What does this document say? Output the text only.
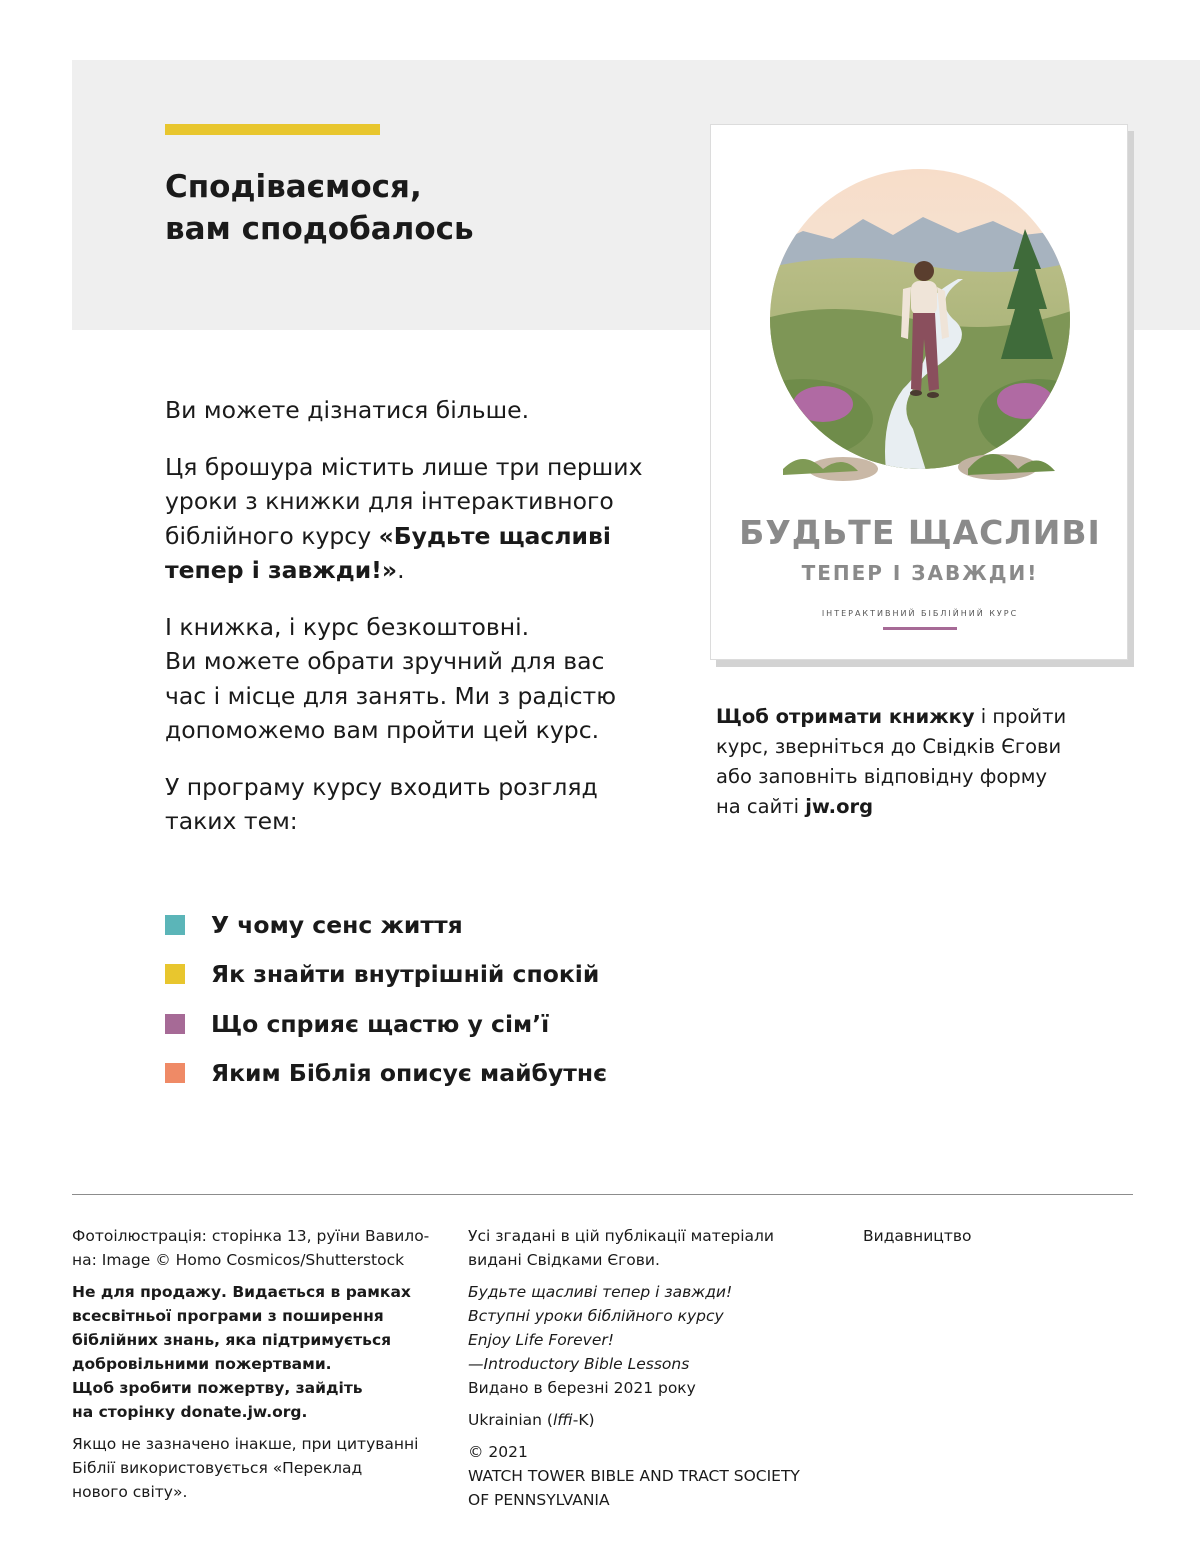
Сподіваємося,
вам сподобалось

Ви можете дізнатися більше.

Ця брошура містить лише три перших
уроки з книжки для інтерактивного
біблійного курсу «Будьте щасливі
тепер і завжди!».

І книжка, і курс безкоштовні.
Ви можете обрати зручний для вас
час і місце для занять. Ми з радістю
допоможемо вам пройти цей курс.

У програму курсу входить розгляд
таких тем:

У чому сенс життя
Як знайти внутрішній спокій
Що сприяє щастю у сім’ї
Яким Біблія описує майбутнє
БУДЬТЕ ЩАСЛИВІ
ТЕПЕР І ЗАВЖДИ!
ІНТЕРАКТИВНИЙ БІБЛІЙНИЙ КУРС
Щоб отримати книжку і пройти
курс, зверніться до Свідків Єгови
або заповніть відповідну форму
на сайті jw.org

Фотоілюстрація: сторінка 13, руїни Вавило-
на: Image © Homo Cosmicos/Shutterstock

Не для продажу. Видається в рамках
всесвітньої програми з поширення
біблійних знань, яка підтримується
добровільними пожертвами.
Щоб зробити пожертву, зайдіть
на сторінку donate.jw.org.

Якщо не зазначено інакше, при цитуванні
Біблії використовується «Переклад
нового світу».

Усі згадані в цій публікації матеріали
видані Свідками Єгови.

Будьте щасливі тепер і завжди!
Вступні уроки біблійного курсу
Enjoy Life Forever!
—Introductory Bible Lessons
Видано в березні 2021 року

Ukrainian (lffi-K)

© 2021
WATCH TOWER BIBLE AND TRACT SOCIETY
OF PENNSYLVANIA

Видавництво
